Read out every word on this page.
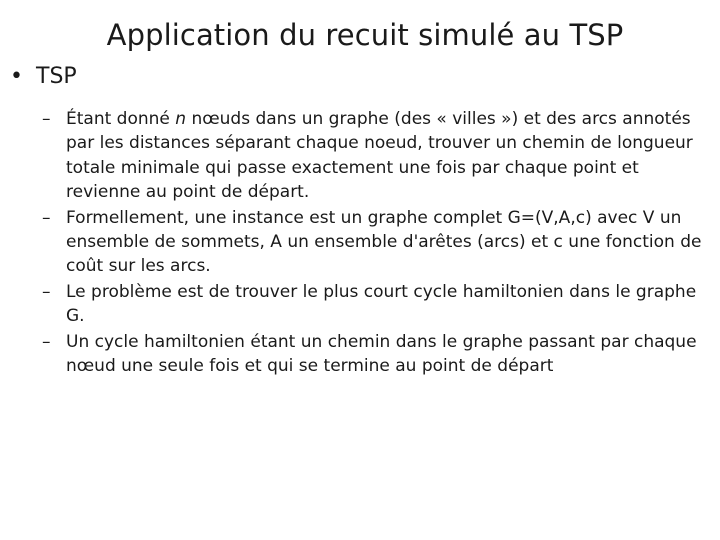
Application du recuit simulé au TSP
• TSP
– Étant donné n nœuds dans un graphe (des « villes ») et des arcs annotés par les distances séparant chaque noeud, trouver un chemin de longueur totale minimale qui passe exactement une fois par chaque point et revienne au point de départ.
– Formellement, une instance est un graphe complet G=(V,A,c) avec V un ensemble de sommets, A un ensemble d'arêtes (arcs) et c une fonction de coût sur les arcs.
– Le problème est de trouver le plus court cycle hamiltonien dans le graphe G.
– Un cycle hamiltonien étant un chemin dans le graphe passant par chaque nœud une seule fois et qui se termine au point de départ
